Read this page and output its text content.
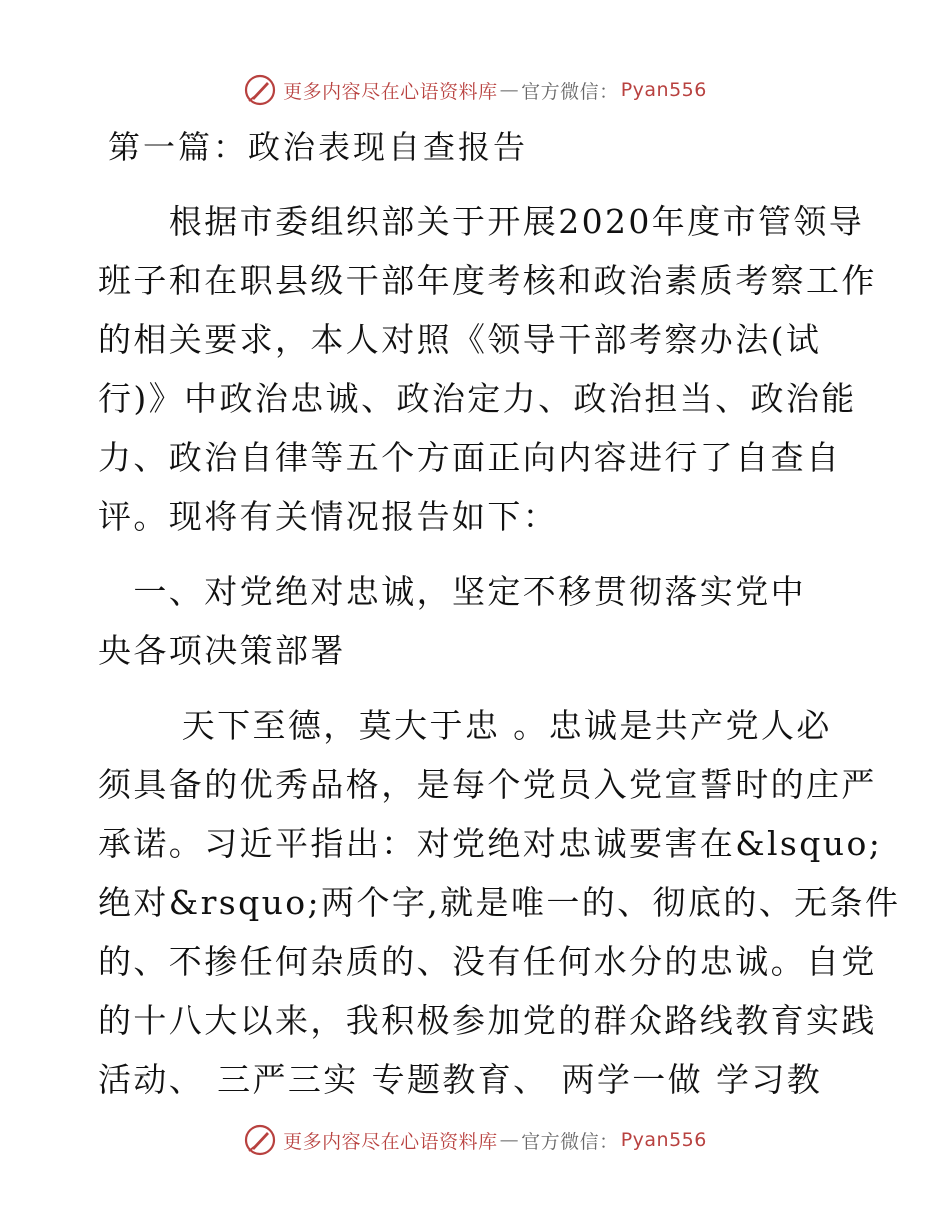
更多内容尽在心语资料库 — 官方微信： Pyan556
第一篇：政治表现自查报告

　　根据市委组织部关于开展2020年度市管领导
班子和在职县级干部年度考核和政治素质考察工作
的相关要求，本人对照《领导干部考察办法(试
行)》中政治忠诚、政治定力、政治担当、政治能
力、政治自律等五个方面正向内容进行了自查自
评。现将有关情况报告如下：

　一、对党绝对忠诚，坚定不移贯彻落实党中
央各项决策部署

　　 天下至德，莫大于忠 。忠诚是共产党人必
须具备的优秀品格，是每个党员入党宣誓时的庄严
承诺。习近平指出：对党绝对忠诚要害在&lsquo;
绝对&rsquo;两个字,就是唯一的、彻底的、无条件
的、不掺任何杂质的、没有任何水分的忠诚。自党
的十八大以来，我积极参加党的群众路线教育实践
活动、 三严三实 专题教育、 两学一做 学习教

更多内容尽在心语资料库 — 官方微信： Pyan556
